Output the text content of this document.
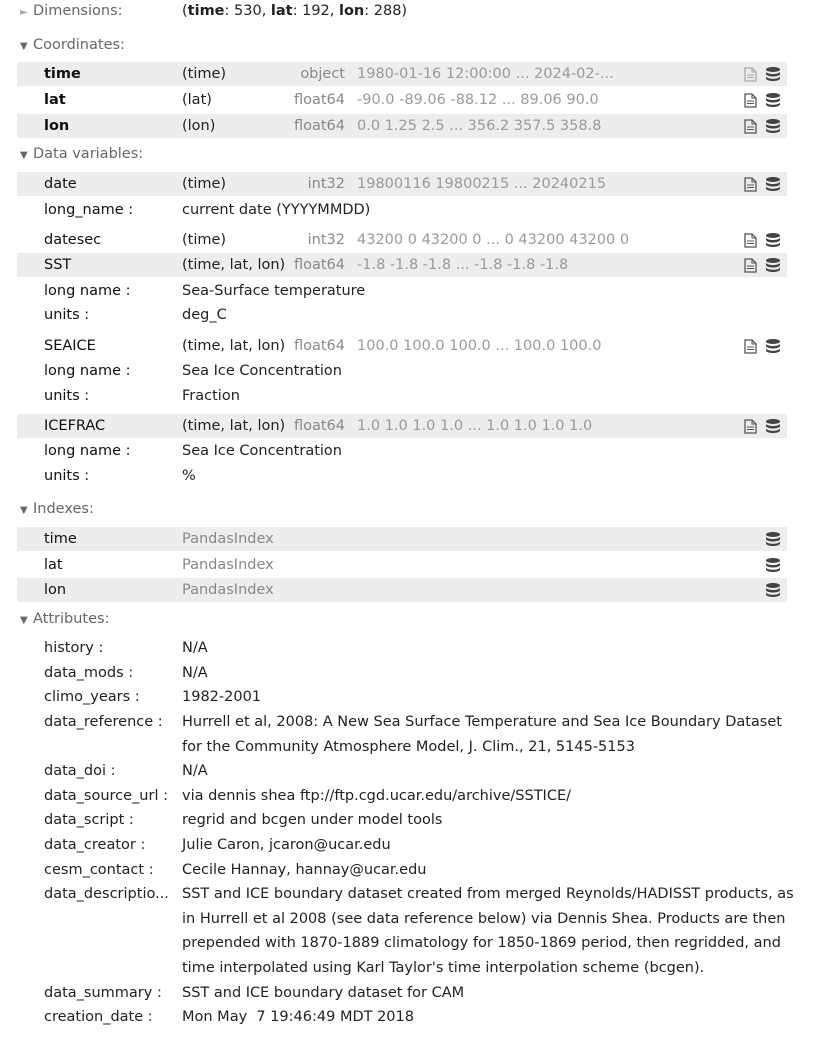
► Dimensions:	(time: 530, lat: 192, lon: 288)
▼ Coordinates:
time	(time)	object 1980-01-16 12:00:00 ... 2024-02-...
lat	(lat)	float64 -90.0 -89.06 -88.12 ... 89.06 90.0
lon	(lon)	float64 0.0 1.25 2.5 ... 356.2 357.5 358.8
▼ Data variables:
date	(time)	int32 19800116 19800215 ... 20240215
long_name :	current date (YYYYMMDD)
datesec	(time)	int32 43200 0 43200 0 ... 0 43200 43200 0
SST	(time, lat, lon) float64 -1.8 -1.8 -1.8 ... -1.8 -1.8 -1.8
long name :	Sea-Surface temperature
units :	deg_C
SEAICE	(time, lat, lon) float64 100.0 100.0 100.0 ... 100.0 100.0
long name :	Sea Ice Concentration
units :	Fraction
ICEFRAC	(time, lat, lon) float64 1.0 1.0 1.0 1.0 ... 1.0 1.0 1.0 1.0
long name :	Sea Ice Concentration
units :	%
▼ Indexes:
time	PandasIndex
lat	PandasIndex
lon	PandasIndex
▼ Attributes:
history :	N/A
data_mods :	N/A
climo_years :	1982-2001
data_reference : Hurrell et al, 2008: A New Sea Surface Temperature and Sea Ice Boundary Dataset for the Community Atmosphere Model, J. Clim., 21, 5145-5153
data_doi :	N/A
data_source_url : via dennis shea ftp://ftp.cgd.ucar.edu/archive/SSTICE/
data_script :	regrid and bcgen under model tools
data_creator :	Julie Caron, jcaron@ucar.edu
cesm_contact : Cecile Hannay, hannay@ucar.edu
data_descriptio... SST and ICE boundary dataset created from merged Reynolds/HADISST products, as in Hurrell et al 2008 (see data reference below) via Dennis Shea. Products are then prepended with 1870-1889 climatology for 1850-1869 period, then regridded, and time interpolated using Karl Taylor's time interpolation scheme (bcgen).
data_summary : SST and ICE boundary dataset for CAM
creation_date : Mon May  7 19:46:49 MDT 2018
